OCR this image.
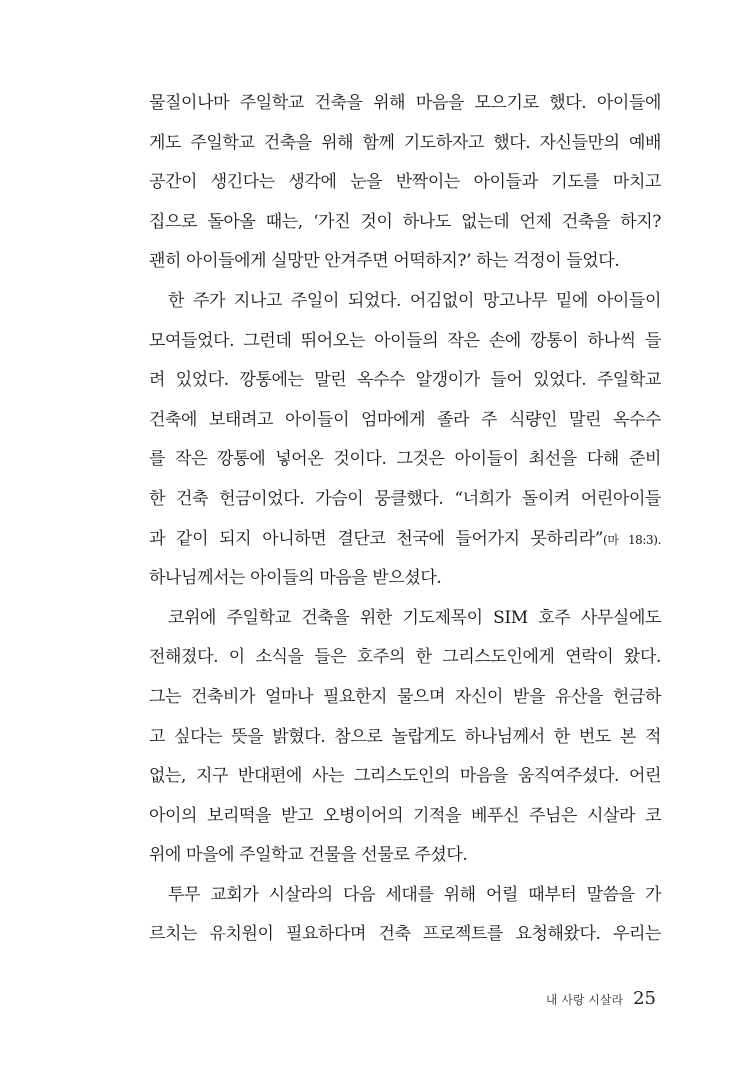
물질이나마 주일학교 건축을 위해 마음을 모으기로 했다. 아이들에
게도 주일학교 건축을 위해 함께 기도하자고 했다. 자신들만의 예배
공간이 생긴다는 생각에 눈을 반짝이는 아이들과 기도를 마치고
집으로 돌아올 때는, ‘가진 것이 하나도 없는데 언제 건축을 하지?
괜히 아이들에게 실망만 안겨주면 어떡하지?’ 하는 걱정이 들었다.
한 주가 지나고 주일이 되었다. 어김없이 망고나무 밑에 아이들이
모여들었다. 그런데 뛰어오는 아이들의 작은 손에 깡통이 하나씩 들
려 있었다. 깡통에는 말린 옥수수 알갱이가 들어 있었다. 주일학교
건축에 보태려고 아이들이 엄마에게 졸라 주 식량인 말린 옥수수
를 작은 깡통에 넣어온 것이다. 그것은 아이들이 최선을 다해 준비
한 건축 헌금이었다. 가슴이 뭉클했다. “너희가 돌이켜 어린아이들
과 같이 되지 아니하면 결단코 천국에 들어가지 못하리라”(마 18:3).
하나님께서는 아이들의 마음을 받으셨다.
코위에 주일학교 건축을 위한 기도제목이 SIM 호주 사무실에도
전해졌다. 이 소식을 들은 호주의 한 그리스도인에게 연락이 왔다.
그는 건축비가 얼마나 필요한지 물으며 자신이 받을 유산을 헌금하
고 싶다는 뜻을 밝혔다. 참으로 놀랍게도 하나님께서 한 번도 본 적
없는, 지구 반대편에 사는 그리스도인의 마음을 움직여주셨다. 어린
아이의 보리떡을 받고 오병이어의 기적을 베푸신 주님은 시살라 코
위에 마을에 주일학교 건물을 선물로 주셨다.
투무 교회가 시살라의 다음 세대를 위해 어릴 때부터 말씀을 가
르치는 유치원이 필요하다며 건축 프로젝트를 요청해왔다. 우리는
내 사랑 시살라 25
